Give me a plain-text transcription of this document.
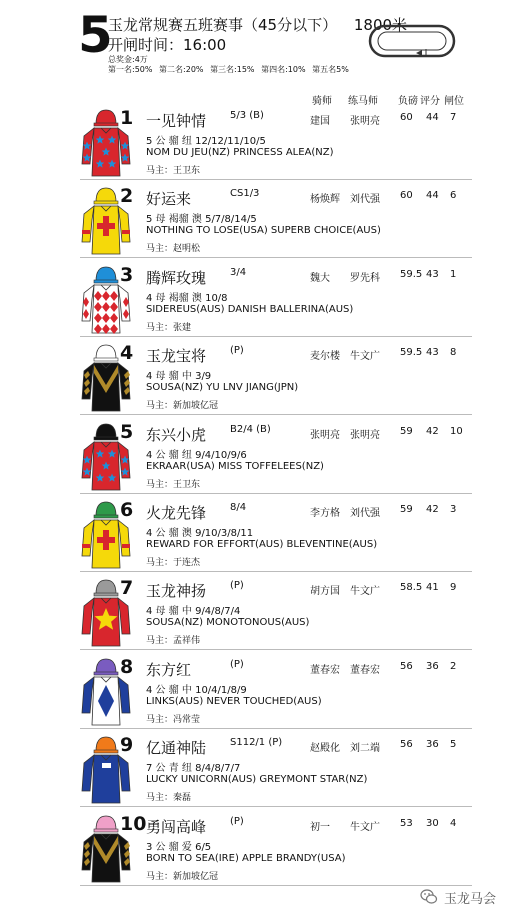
5
玉龙常规赛五班赛事（45分以下） 1800米
开闸时间：16:00
总奖金:4万
第一名:50% 第二名:20% 第三名:15% 第四名:10% 第五名5%
骑师 练马师 负磅 评分 闸位
1 一见钟情 5/3 (B)
建国 张明亮 60 44 7
5 公 骝 纽 12/12/11/10/5
NOM DU JEU(NZ) PRINCESS ALEA(NZ)
马主：王卫东
2 好运来	CS1/3
杨焕辉 刘代强 60 44 6
5 母 褐骝 澳 5/7/8/14/5
NOTHING TO LOSE(USA) SUPERB CHOICE(AUS)
马主：赵明松
3 腾辉玫瑰 3/4
魏大 罗先科 59.5 43 1
4 母 褐骝 澳 10/8
SIDEREUS(AUS) DANISH BALLERINA(AUS)
马主：张建
4 玉龙宝将 (P)
麦尔楼 牛文广 59.5 43 8
4 母 骝 中 3/9
SOUSA(NZ) YU LNV JIANG(JPN)
马主：新加坡亿冠
5 东兴小虎 B2/4 (B)
张明亮 张明亮 59 42 10
4 公 骝 纽 9/4/10/9/6
EKRAAR(USA) MISS TOFFELEES(NZ)
马主：王卫东
6 火龙先锋 8/4
李方格 刘代强 59 42 3
4 公 骝 澳 9/10/3/8/11
REWARD FOR EFFORT(AUS) BLEVENTINE(AUS)
马主：于连杰
7 玉龙神扬 (P)
胡方国 牛文广 58.5 41 9
4 母 骝 中 9/4/8/7/4
SOUSA(NZ) MONOTONOUS(AUS)
马主：孟祥伟
8 东方红	(P)
董春宏 董春宏 56 36 2
4 公 骝 中 10/4/1/8/9
LINKS(AUS) NEVER TOUCHED(AUS)
马主：冯常莹
9 亿通神陆 S112/1 (P)
赵殿化 刘二端 56 36 5
7 公 青 纽 8/4/8/7/7
LUCKY UNICORN(AUS) GREYMONT STAR(NZ)
马主：秦磊
10 勇闯高峰 (P)
初一 牛文广 53 30 4
3 公 骝 爱 6/5
BORN TO SEA(IRE) APPLE BRANDY(USA)
马主：新加坡亿冠
玉龙马会
